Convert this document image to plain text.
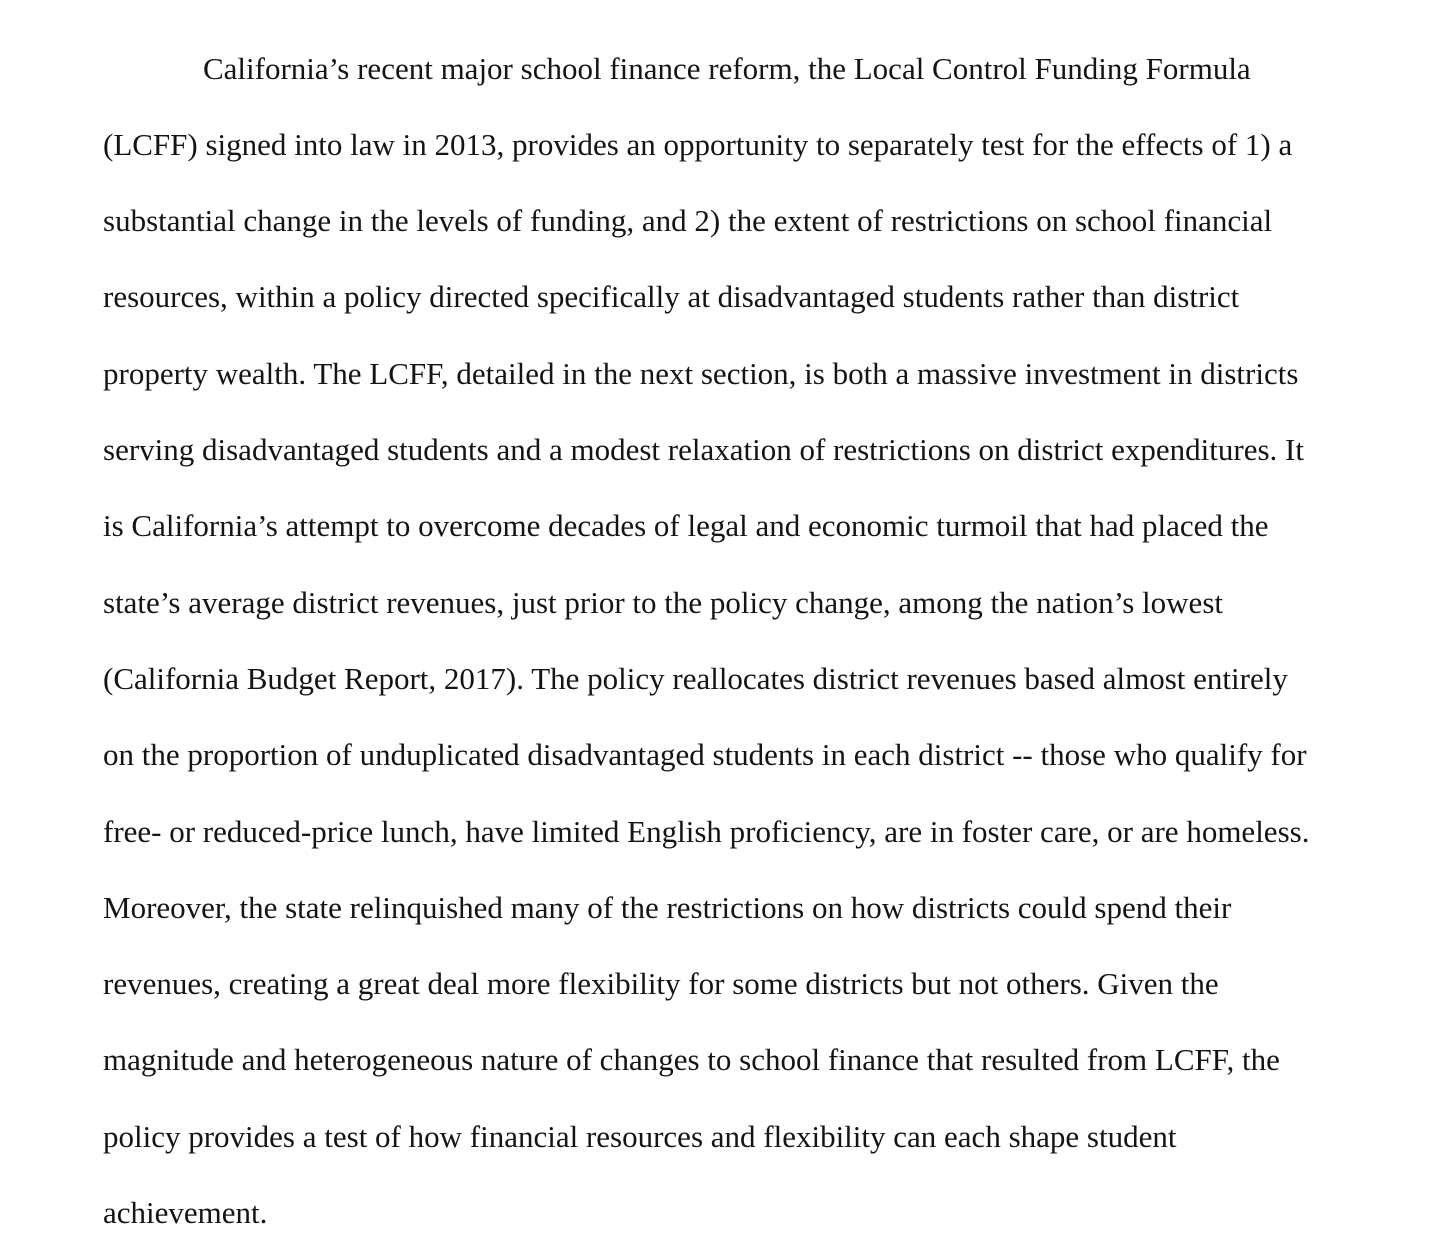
California’s recent major school finance reform, the Local Control Funding Formula
(LCFF) signed into law in 2013, provides an opportunity to separately test for the effects of 1) a
substantial change in the levels of funding, and 2) the extent of restrictions on school financial
resources, within a policy directed specifically at disadvantaged students rather than district
property wealth. The LCFF, detailed in the next section, is both a massive investment in districts
serving disadvantaged students and a modest relaxation of restrictions on district expenditures. It
is California’s attempt to overcome decades of legal and economic turmoil that had placed the
state’s average district revenues, just prior to the policy change, among the nation’s lowest
(California Budget Report, 2017). The policy reallocates district revenues based almost entirely
on the proportion of unduplicated disadvantaged students in each district -- those who qualify for
free- or reduced-price lunch, have limited English proficiency, are in foster care, or are homeless.
Moreover, the state relinquished many of the restrictions on how districts could spend their
revenues, creating a great deal more flexibility for some districts but not others. Given the
magnitude and heterogeneous nature of changes to school finance that resulted from LCFF, the
policy provides a test of how financial resources and flexibility can each shape student
achievement.
